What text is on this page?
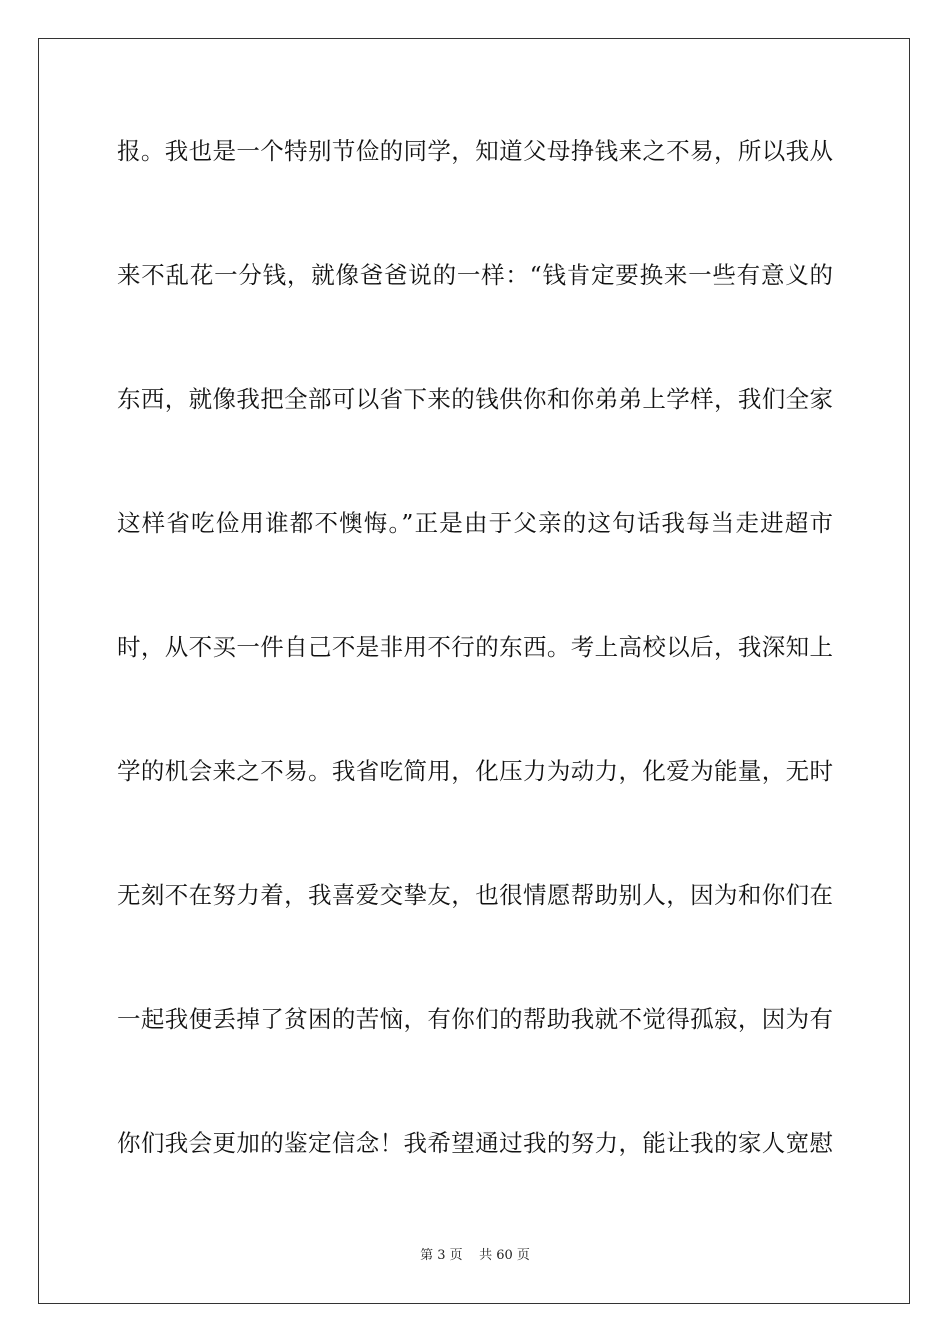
报。我也是一个特别节俭的同学，知道父母挣钱来之不易，所以我从
来不乱花一分钱，就像爸爸说的一样：“钱肯定要换来一些有意义的
东西，就像我把全部可以省下来的钱供你和你弟弟上学样，我们全家
这样省吃俭用谁都不懊悔。”正是由于父亲的这句话我每当走进超市
时，从不买一件自己不是非用不行的东西。考上高校以后，我深知上
学的机会来之不易。我省吃简用，化压力为动力，化爱为能量，无时
无刻不在努力着，我喜爱交挚友，也很情愿帮助别人，因为和你们在
一起我便丢掉了贫困的苦恼，有你们的帮助我就不觉得孤寂，因为有
你们我会更加的鉴定信念！我希望通过我的努力，能让我的家人宽慰
第 3 页    共 60 页
